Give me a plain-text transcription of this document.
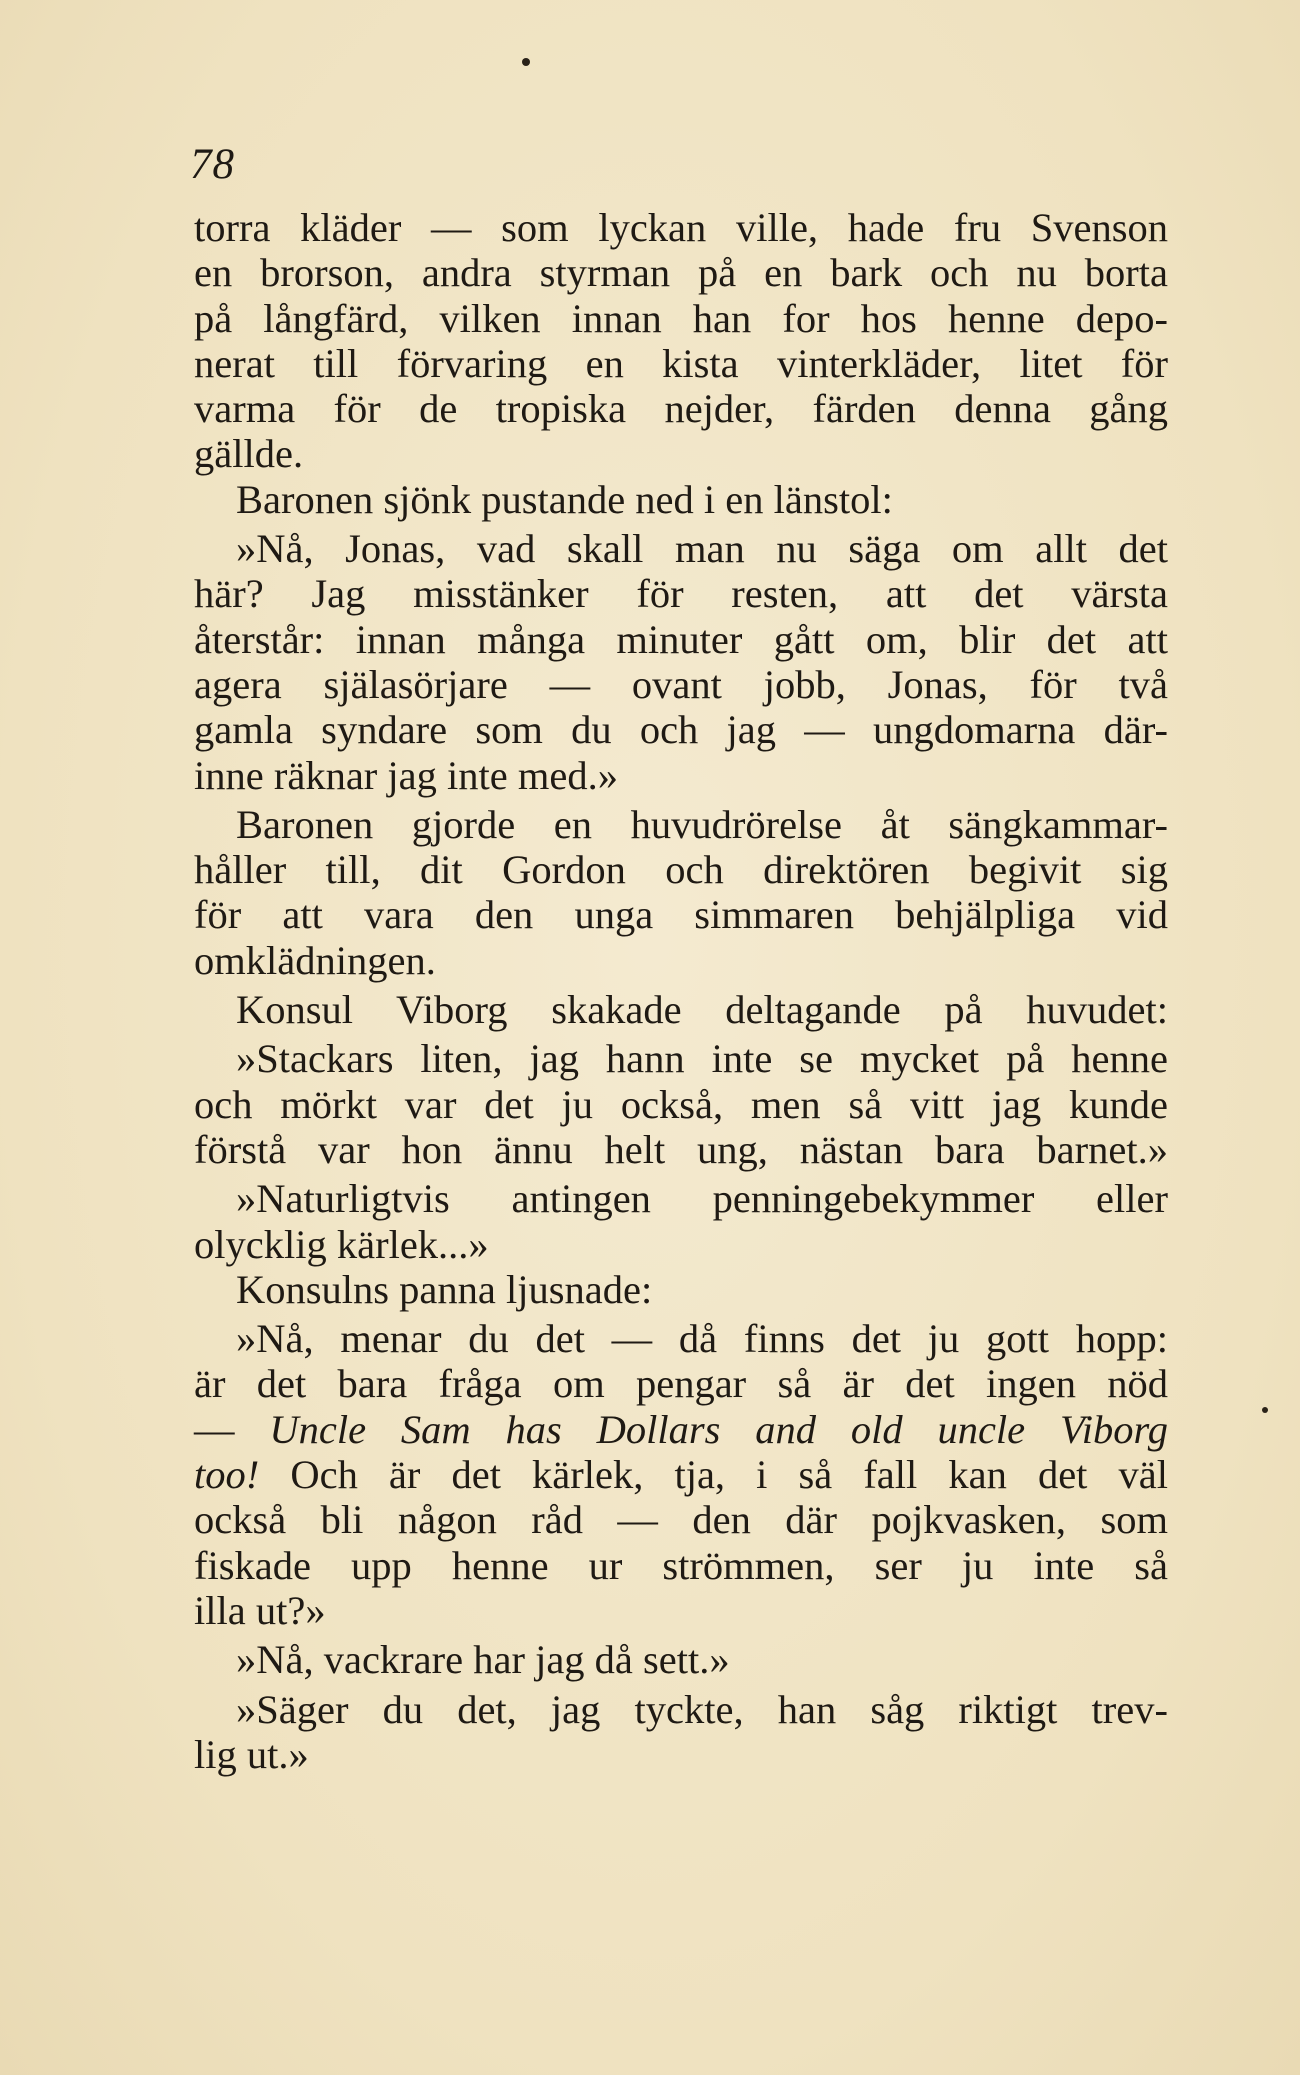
78
torra kläder — som lyckan ville, hade fru Svenson
en brorson, andra styrman på en bark och nu borta
på långfärd, vilken innan han for hos henne depo-
nerat till förvaring en kista vinterkläder, litet för
varma för de tropiska nejder, färden denna gång
gällde.
Baronen sjönk pustande ned i en länstol:
»Nå, Jonas, vad skall man nu säga om allt det
här? Jag misstänker för resten, att det värsta
återstår: innan många minuter gått om, blir det att
agera själasörjare — ovant jobb, Jonas, för två
gamla syndare som du och jag — ungdomarna där-
inne räknar jag inte med.»
Baronen gjorde en huvudrörelse åt sängkammar-
håller till, dit Gordon och direktören begivit sig
för att vara den unga simmaren behjälpliga vid
omklädningen.
Konsul Viborg skakade deltagande på huvudet:
»Stackars liten, jag hann inte se mycket på henne
och mörkt var det ju också, men så vitt jag kunde
förstå var hon ännu helt ung, nästan bara barnet.»
»Naturligtvis antingen penningebekymmer eller
olycklig kärlek...»
Konsulns panna ljusnade:
»Nå, menar du det — då finns det ju gott hopp:
är det bara fråga om pengar så är det ingen nöd
— Uncle Sam has Dollars and old uncle Viborg
too! Och är det kärlek, tja, i så fall kan det väl
också bli någon råd — den där pojkvasken, som
fiskade upp henne ur strömmen, ser ju inte så
illa ut?»
»Nå, vackrare har jag då sett.»
»Säger du det, jag tyckte, han såg riktigt trev-
lig ut.»
